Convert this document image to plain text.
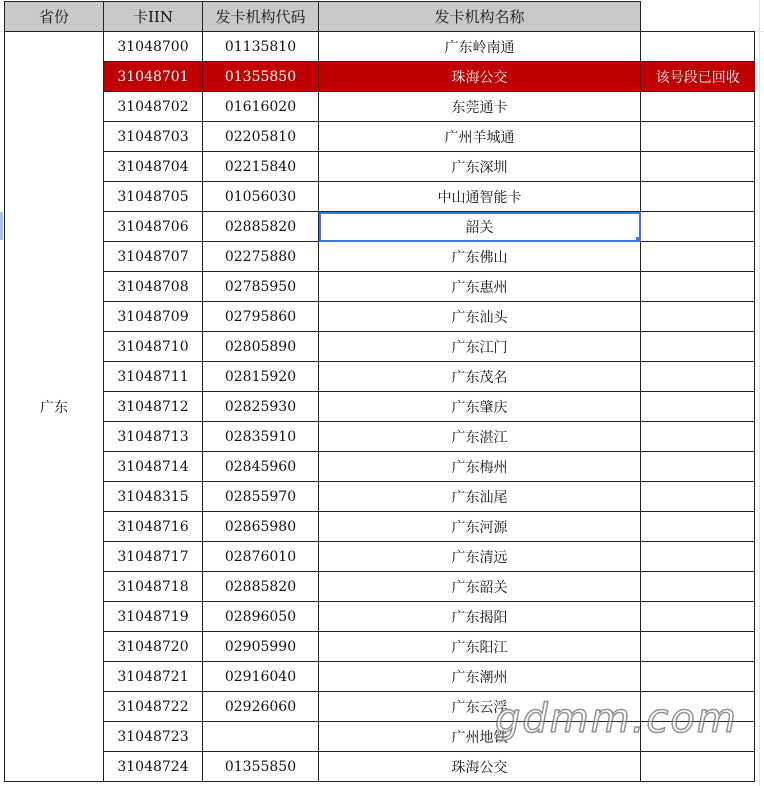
省份	卡IIN	发卡机构代码	发卡机构名称	
广东	31048700	01135810	广东岭南通	
	31048701	01355850	珠海公交	该号段已回收
	31048702	01616020	东莞通卡	
	31048703	02205810	广州羊城通	
	31048704	02215840	广东深圳	
	31048705	01056030	中山通智能卡	
	31048706	02885820	韶关

	31048707	02275880	广东佛山	
	31048708	02785950	广东惠州	
	31048709	02795860	广东汕头	
	31048710	02805890	广东江门	
	31048711	02815920	广东茂名	
	31048712	02825930	广东肇庆	
	31048713	02835910	广东湛江	
	31048714	02845960	广东梅州	
	31048315	02855970	广东汕尾	
	31048716	02865980	广东河源	
	31048717	02876010	广东清远	
	31048718	02885820	广东韶关	
	31048719	02896050	广东揭阳	
	31048720	02905990	广东阳江	
	31048721	02916040	广东潮州	
	31048722	02926060	广东云浮	
	31048723		广州地铁	
	31048724	01355850	珠海公交	
gdmm.com
